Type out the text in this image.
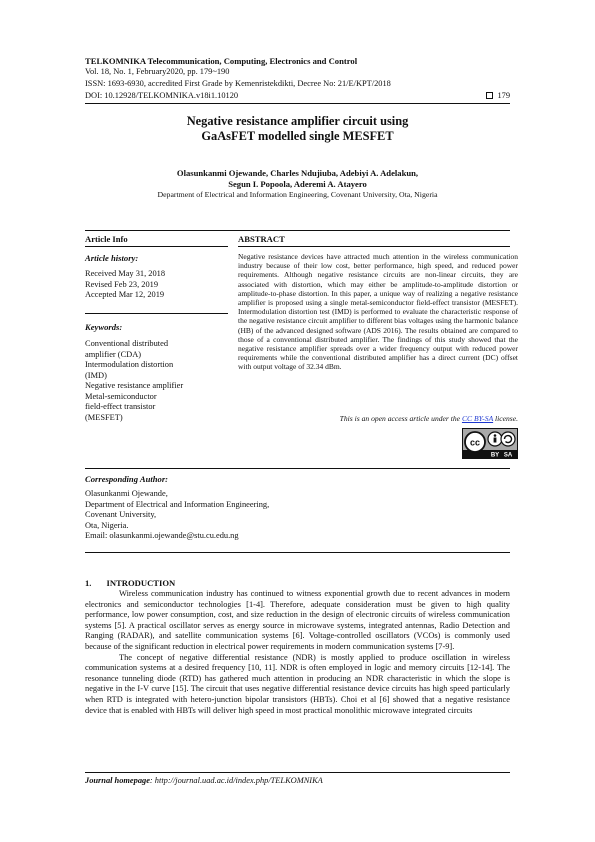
TELKOMNIKA Telecommunication, Computing, Electronics and Control
Vol. 18, No. 1, February2020, pp. 179~190
ISSN: 1693-6930, accredited First Grade by Kemenristekdikti, Decree No: 21/E/KPT/2018
DOI: 10.12928/TELKOMNIKA.v18i1.10120	179
Negative resistance amplifier circuit using
GaAsFET modelled single MESFET
Olasunkanmi Ojewande, Charles Ndujiuba, Adebiyi A. Adelakun,
Segun I. Popoola, Aderemi A. Atayero
Department of Electrical and Information Engineering, Covenant University, Ota, Nigeria
Article Info	ABSTRACT
Article history:
Received May 31, 2018
Revised Feb 23, 2019
Accepted Mar 12, 2019
Keywords:
Conventional distributed
amplifier (CDA)
Intermodulation distortion
(IMD)
Negative resistance amplifier
Metal-semiconductor
field-effect transistor
(MESFET)
Negative resistance devices have attracted much attention in the wireless communication industry because of their low cost, better performance, high speed, and reduced power requirements. Although negative resistance circuits are non-linear circuits, they are associated with distortion, which may either be amplitude-to-amplitude distortion or amplitude-to-phase distortion. In this paper, a unique way of realizing a negative resistance amplifier is proposed using a single metal-semiconductor field-effect transistor (MESFET). Intermodulation distortion test (IMD) is performed to evaluate the characteristic response of the negative resistance circuit amplifier to different bias voltages using the harmonic balance (HB) of the advanced designed software (ADS 2016). The results obtained are compared to those of a conventional distributed amplifier. The findings of this study showed that the negative resistance amplifier spreads over a wider frequency output with reduced power requirements while the conventional distributed amplifier has a direct current (DC) offset with output voltage of 32.34 dBm.
This is an open access article under the CC BY-SA license.
cc
BY SA
Corresponding Author:
Olasunkanmi Ojewande,
Department of Electrical and Information Engineering,
Covenant University,
Ota, Nigeria.
Email: olasunkanmi.ojewande@stu.cu.edu.ng
1.       INTRODUCTION

Wireless communication industry has continued to witness exponential growth due to recent advances in modern electronics and semiconductor technologies [1-4]. Therefore, adequate consideration must be given to high quality performance, low power consumption, cost, and size reduction in the design of electronic circuits of wireless communication systems [5]. A practical oscillator serves as energy source in microwave systems, integrated antennas, Radio Detection and Ranging (RADAR), and satellite communication systems [6]. Voltage-controlled oscillators (VCOs) is commonly used because of the significant reduction in electrical power requirements in modern communication systems [7-9].

The concept of negative differential resistance (NDR) is mostly applied to produce oscillation in wireless communication systems at a desired frequency [10, 11]. NDR is often employed in logic and memory circuits [12-14]. The resonance tunneling diode (RTD) has gathered much attention in producing an NDR characteristic in which the slope is negative in the I-V curve [15]. The circuit that uses negative differential resistance device circuits has high speed particularly when RTD is integrated with hetero-junction bipolar transistors (HBTs). Choi et al [6] showed that a negative resistance device that is enabled with HBTs will deliver high speed in most practical monolithic microwave integrated circuits

Journal homepage: http://journal.uad.ac.id/index.php/TELKOMNIKA
